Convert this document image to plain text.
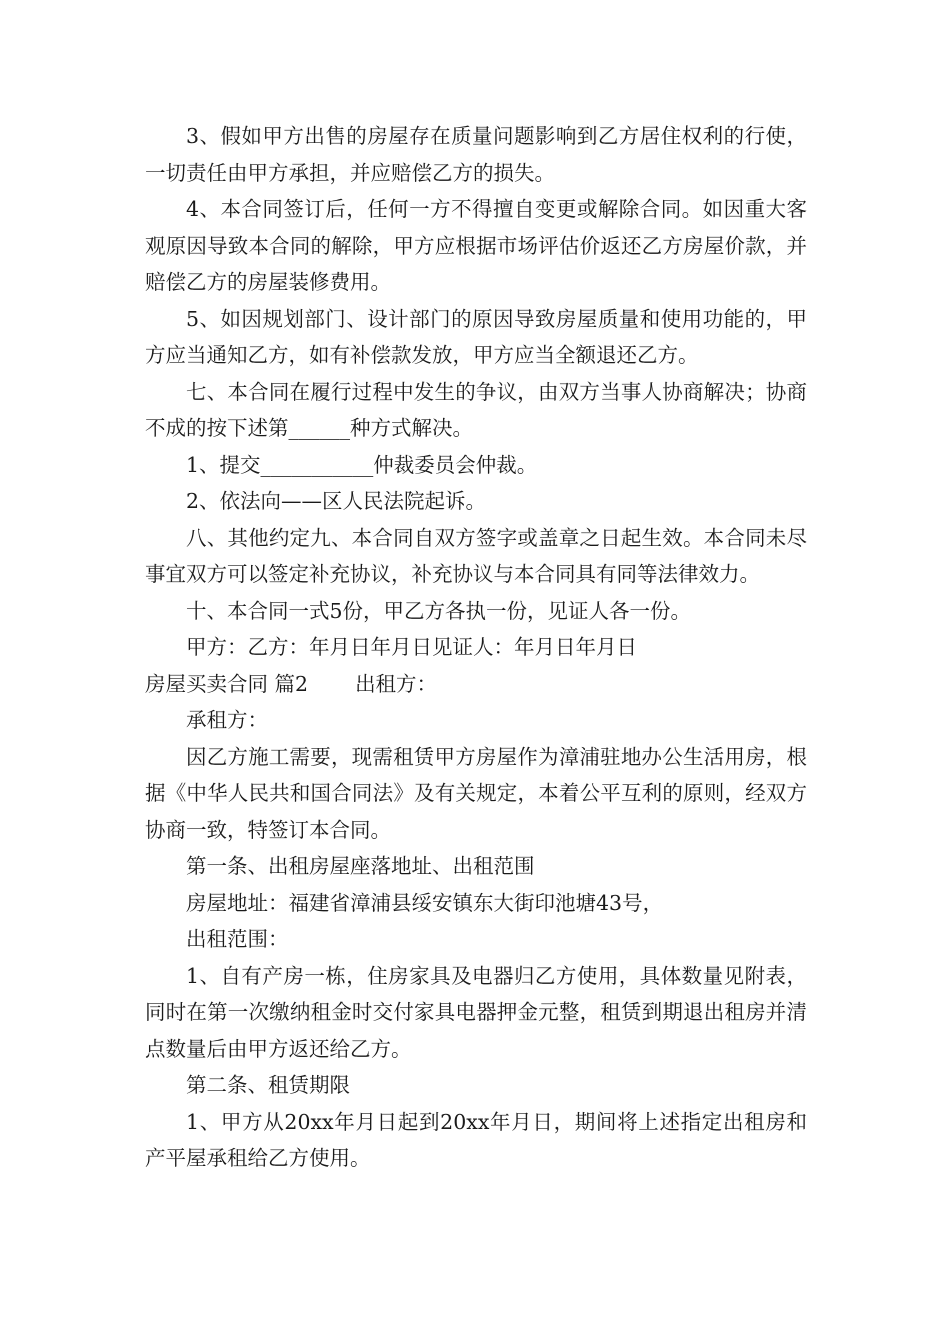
3、假如甲方出售的房屋存在质量问题影响到乙方居住权利的行使，一切责任由甲方承担，并应赔偿乙方的损失。

4、本合同签订后，任何一方不得擅自变更或解除合同。如因重大客观原因导致本合同的解除，甲方应根据市场评估价返还乙方房屋价款，并赔偿乙方的房屋装修费用。

5、如因规划部门、设计部门的原因导致房屋质量和使用功能的，甲方应当通知乙方，如有补偿款发放，甲方应当全额退还乙方。

七、本合同在履行过程中发生的争议，由双方当事人协商解决；协商不成的按下述第______种方式解决。

1、提交___________仲裁委员会仲裁。

2、依法向——区人民法院起诉。

八、其他约定九、本合同自双方签字或盖章之日起生效。本合同未尽事宜双方可以签定补充协议，补充协议与本合同具有同等法律效力。

十、本合同一式5份，甲乙方各执一份，见证人各一份。

甲方：乙方：年月日年月日见证人：年月日年月日

房屋买卖合同 篇2 出租方：

承租方：

因乙方施工需要，现需租赁甲方房屋作为漳浦驻地办公生活用房，根据《中华人民共和国合同法》及有关规定，本着公平互利的原则，经双方协商一致，特签订本合同。

第一条、出租房屋座落地址、出租范围

房屋地址：福建省漳浦县绥安镇东大街印池塘43号，

出租范围：

1、自有产房一栋，住房家具及电器归乙方使用，具体数量见附表，同时在第一次缴纳租金时交付家具电器押金元整，租赁到期退出租房并清点数量后由甲方返还给乙方。

第二条、租赁期限

1、甲方从20xx年月日起到20xx年月日，期间将上述指定出租房和产平屋承租给乙方使用。
